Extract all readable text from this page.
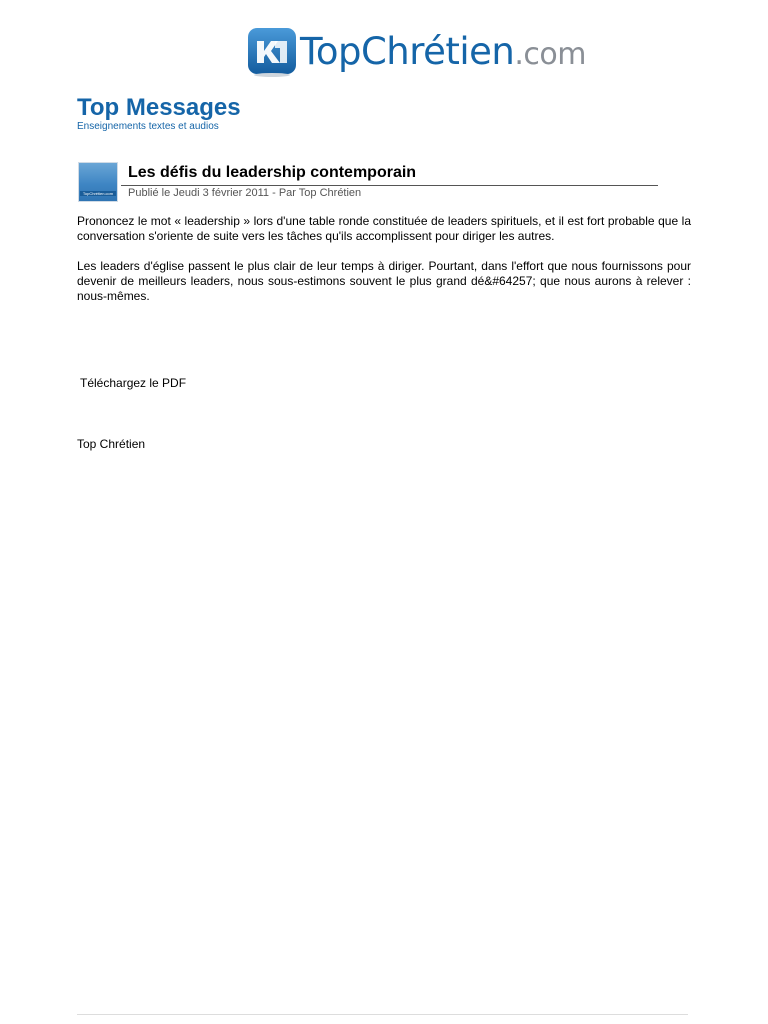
TopChrétien.com
Top Messages
Enseignements textes et audios
TopChrétien.com
Les défis du leadership contemporain
Publié le Jeudi 3 février 2011 - Par Top Chrétien

Prononcez le mot « leadership » lors d'une table ronde constituée de leaders spirituels, et il est fort probable que la conversation s'oriente de suite vers les tâches qu'ils accomplissent pour diriger les autres.

Les leaders d'église passent le plus clair de leur temps à diriger. Pourtant, dans l'effort que nous fournissons pour devenir de meilleurs leaders, nous sous-estimons souvent le plus grand dé&#64257; que nous aurons à relever : nous-mêmes.

Téléchargez le PDF
Top Chrétien
